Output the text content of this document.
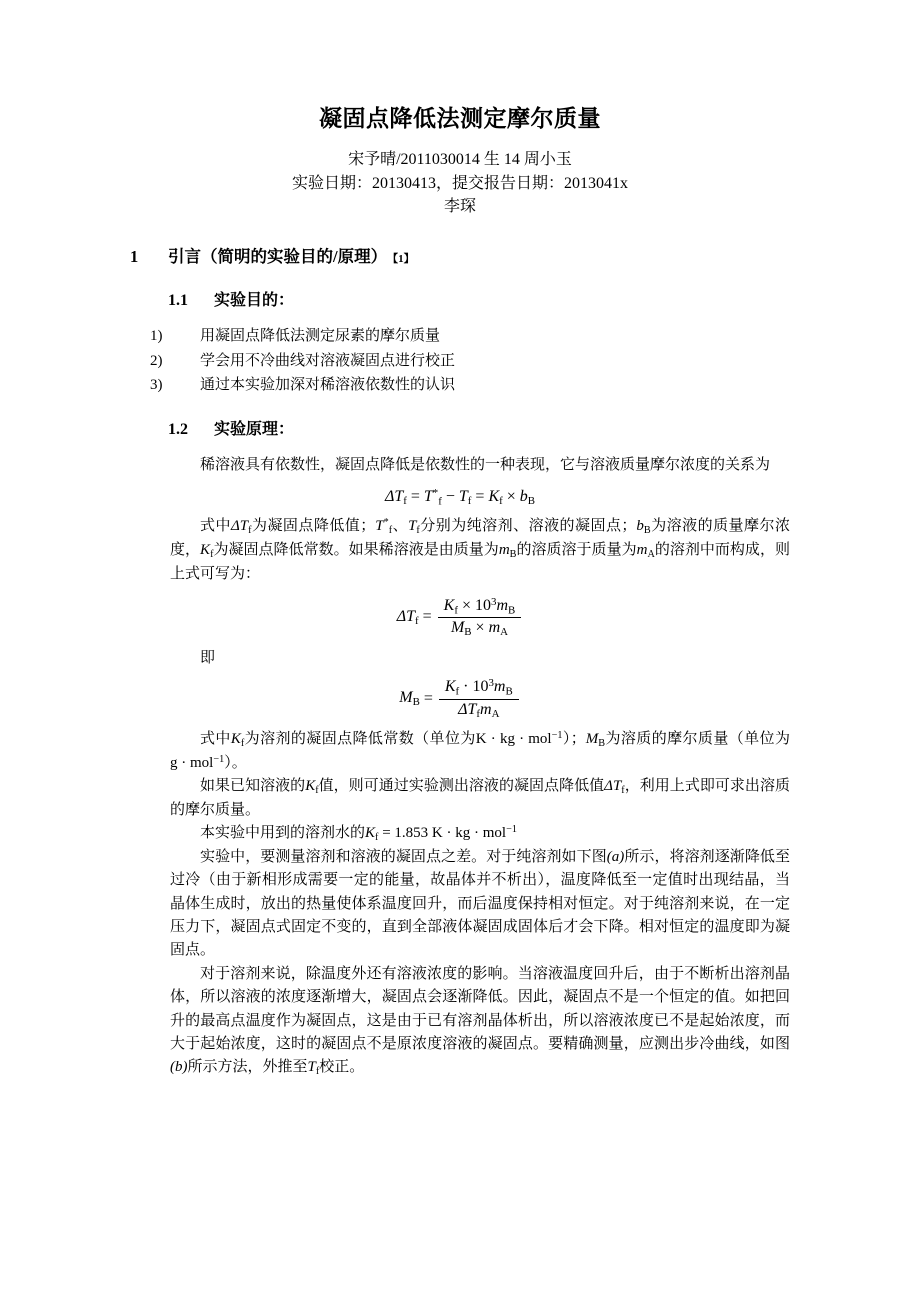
凝固点降低法测定摩尔质量
宋予晴/2011030014 生 14 周小玉
实验日期：20130413，提交报告日期：2013041x
李琛
1	引言（简明的实验目的/原理） 【1】
1.1	实验目的：
1)	用凝固点降低法测定尿素的摩尔质量
2)	学会用不冷曲线对溶液凝固点进行校正
3)	通过本实验加深对稀溶液依数性的认识
1.2	实验原理：

稀溶液具有依数性，凝固点降低是依数性的一种表现，它与溶液质量摩尔浓度的关系为

$\Delta T_f = T^*_f - T_f = K_f \times b_B$

式中$\Delta T_f$为凝固点降低值；$T^*_f$、$T_f$分别为纯溶剂、溶液的凝固点；$b_B$为溶液的质量摩尔浓度，$K_f$为凝固点降低常数。如果稀溶液是由质量为$m_B$的溶质溶于质量为$m_A$的溶剂中而构成，则上式可写为：

$\Delta T_f = \frac{K_f \times 10^3m_B}{M_B \times m_A}$

即

$M_B = \frac{K_f \cdot 10^3m_B}{\Delta T_fm_A}$

式中$K_f$为溶剂的凝固点降低常数（单位为K · kg · mol$^{-1}$）；$M_B$为溶质的摩尔质量（单位为g · mol$^{-1}$）。

如果已知溶液的$K_f$值，则可通过实验测出溶液的凝固点降低值$\Delta T_f$，利用上式即可求出溶质的摩尔质量。

本实验中用到的溶剂水的$K_f = 1.853$ K · kg · mol$^{-1}$

实验中，要测量溶剂和溶液的凝固点之差。对于纯溶剂如下图(a)所示，将溶剂逐渐降低至过冷（由于新相形成需要一定的能量，故晶体并不析出），温度降低至一定值时出现结晶，当晶体生成时，放出的热量使体系温度回升，而后温度保持相对恒定。对于纯溶剂来说，在一定压力下，凝固点式固定不变的，直到全部液体凝固成固体后才会下降。相对恒定的温度即为凝固点。

对于溶剂来说，除温度外还有溶液浓度的影响。当溶液温度回升后，由于不断析出溶剂晶体，所以溶液的浓度逐渐增大，凝固点会逐渐降低。因此，凝固点不是一个恒定的值。如把回升的最高点温度作为凝固点，这是由于已有溶剂晶体析出，所以溶液浓度已不是起始浓度，而大于起始浓度，这时的凝固点不是原浓度溶液的凝固点。要精确测量，应测出步冷曲线，如图(b)所示方法，外推至$T_f$校正。
